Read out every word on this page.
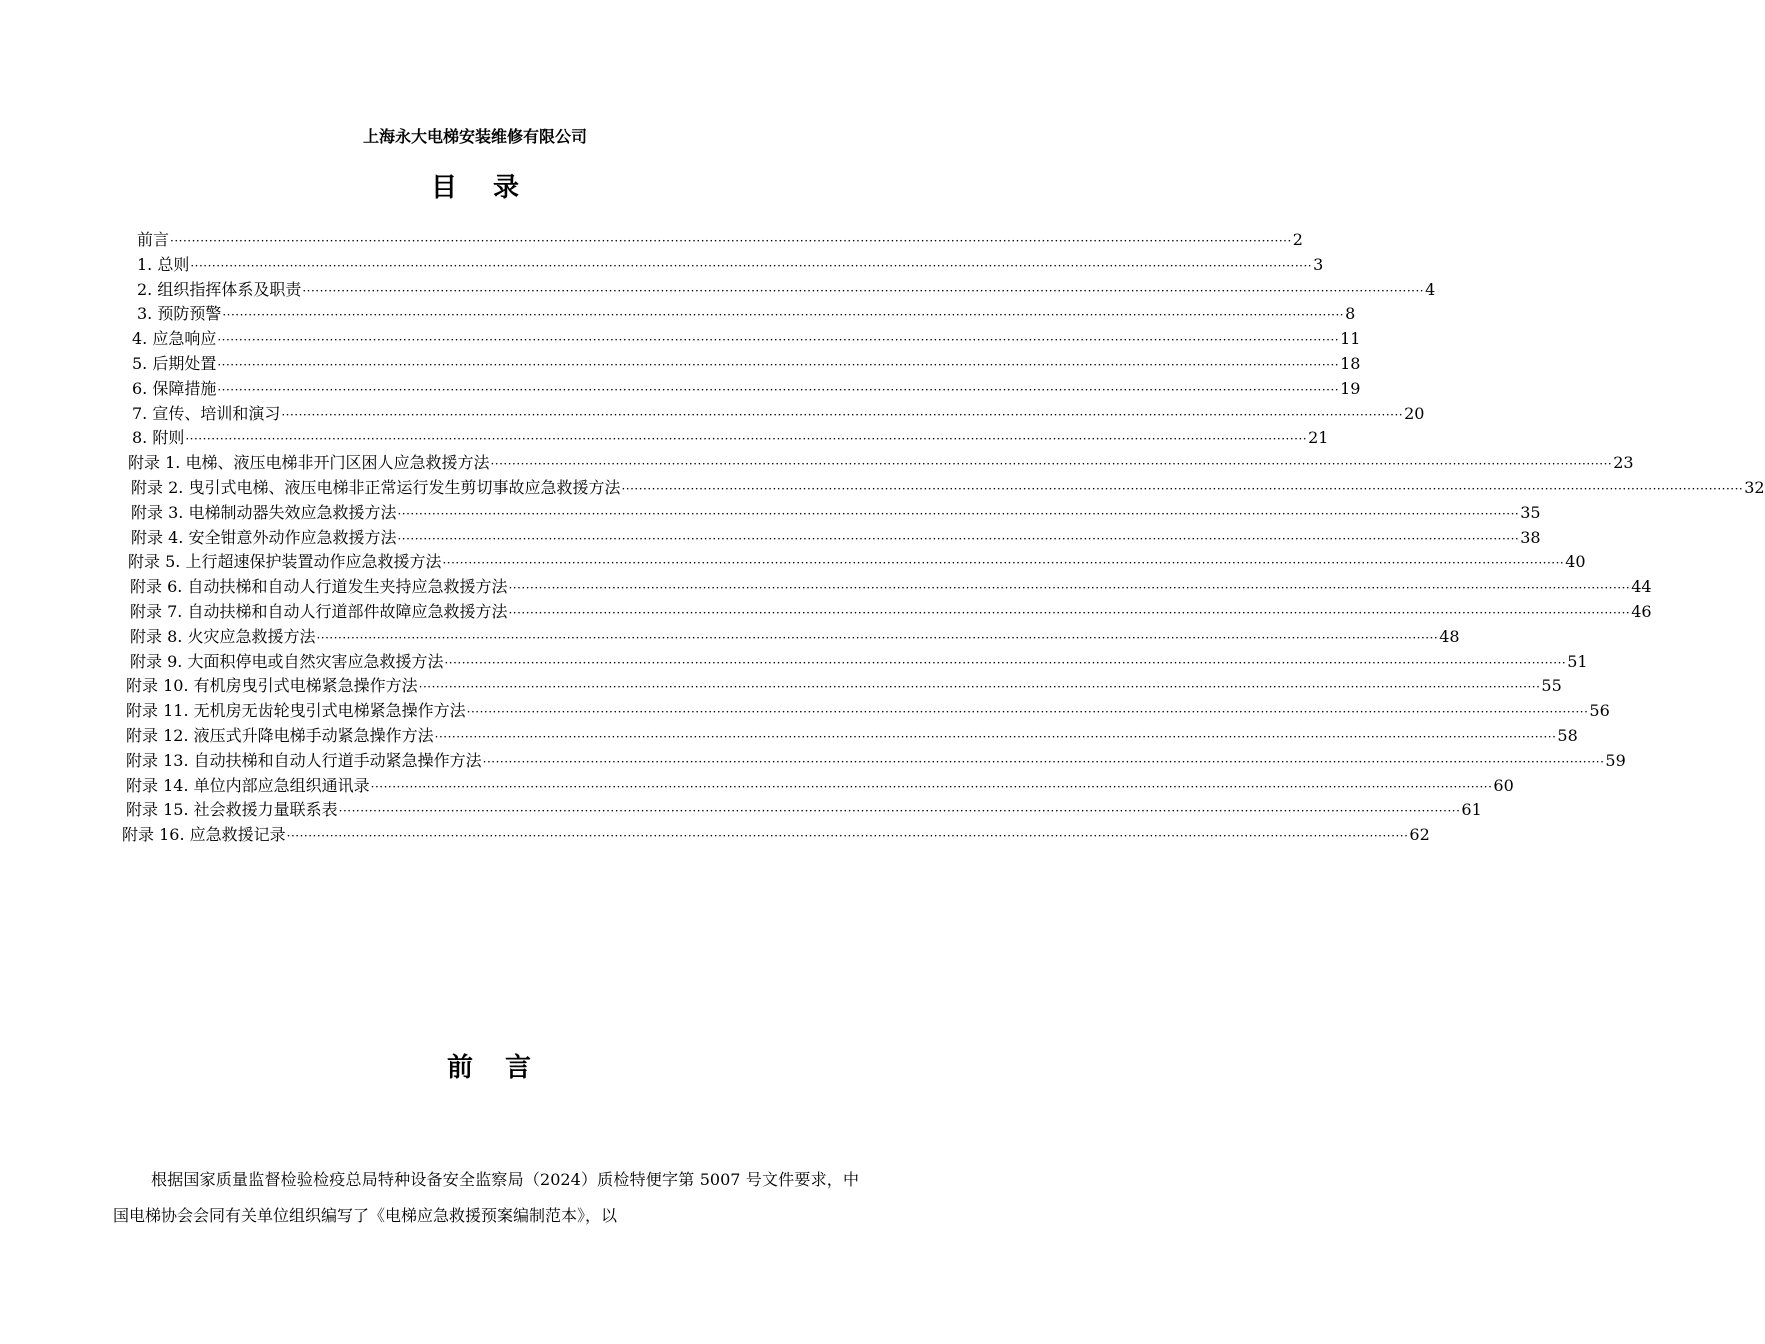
上海永大电梯安装维修有限公司
目录
前言 ···································································································································································································································································· 2
1. 总则 ···································································································································································································································································· 3
2. 组织指挥体系及职责 ···································································································································································································································································· 4
3. 预防预警 ···································································································································································································································································· 8
4. 应急响应 ···································································································································································································································································· 11
5. 后期处置 ···································································································································································································································································· 18
6. 保障措施 ···································································································································································································································································· 19
7. 宣传、培训和演习 ···································································································································································································································································· 20
8. 附则 ···································································································································································································································································· 21
附录 1. 电梯、液压电梯非开门区困人应急救援方法 ···································································································································································································································································· 23
附录 2. 曳引式电梯、液压电梯非正常运行发生剪切事故应急救援方法 ···································································································································································································································································· 32
附录 3. 电梯制动器失效应急救援方法 ···································································································································································································································································· 35
附录 4. 安全钳意外动作应急救援方法 ···································································································································································································································································· 38
附录 5. 上行超速保护装置动作应急救援方法 ···································································································································································································································································· 40
附录 6. 自动扶梯和自动人行道发生夹持应急救援方法 ···································································································································································································································································· 44
附录 7. 自动扶梯和自动人行道部件故障应急救援方法 ···································································································································································································································································· 46
附录 8. 火灾应急救援方法 ···································································································································································································································································· 48
附录 9. 大面积停电或自然灾害应急救援方法 ···································································································································································································································································· 51
附录 10. 有机房曳引式电梯紧急操作方法 ···································································································································································································································································· 55
附录 11. 无机房无齿轮曳引式电梯紧急操作方法 ···································································································································································································································································· 56
附录 12. 液压式升降电梯手动紧急操作方法 ···································································································································································································································································· 58
附录 13. 自动扶梯和自动人行道手动紧急操作方法 ···································································································································································································································································· 59
附录 14. 单位内部应急组织通讯录 ···································································································································································································································································· 60
附录 15. 社会救援力量联系表 ···································································································································································································································································· 61
附录 16. 应急救援记录 ···································································································································································································································································· 62
前言
根据国家质量监督检验检疫总局特种设备安全监察局（2024）质检特便字第 5007 号文件要求，中国电梯协会会同有关单位组织编写了《电梯应急救援预案编制范本》，以
